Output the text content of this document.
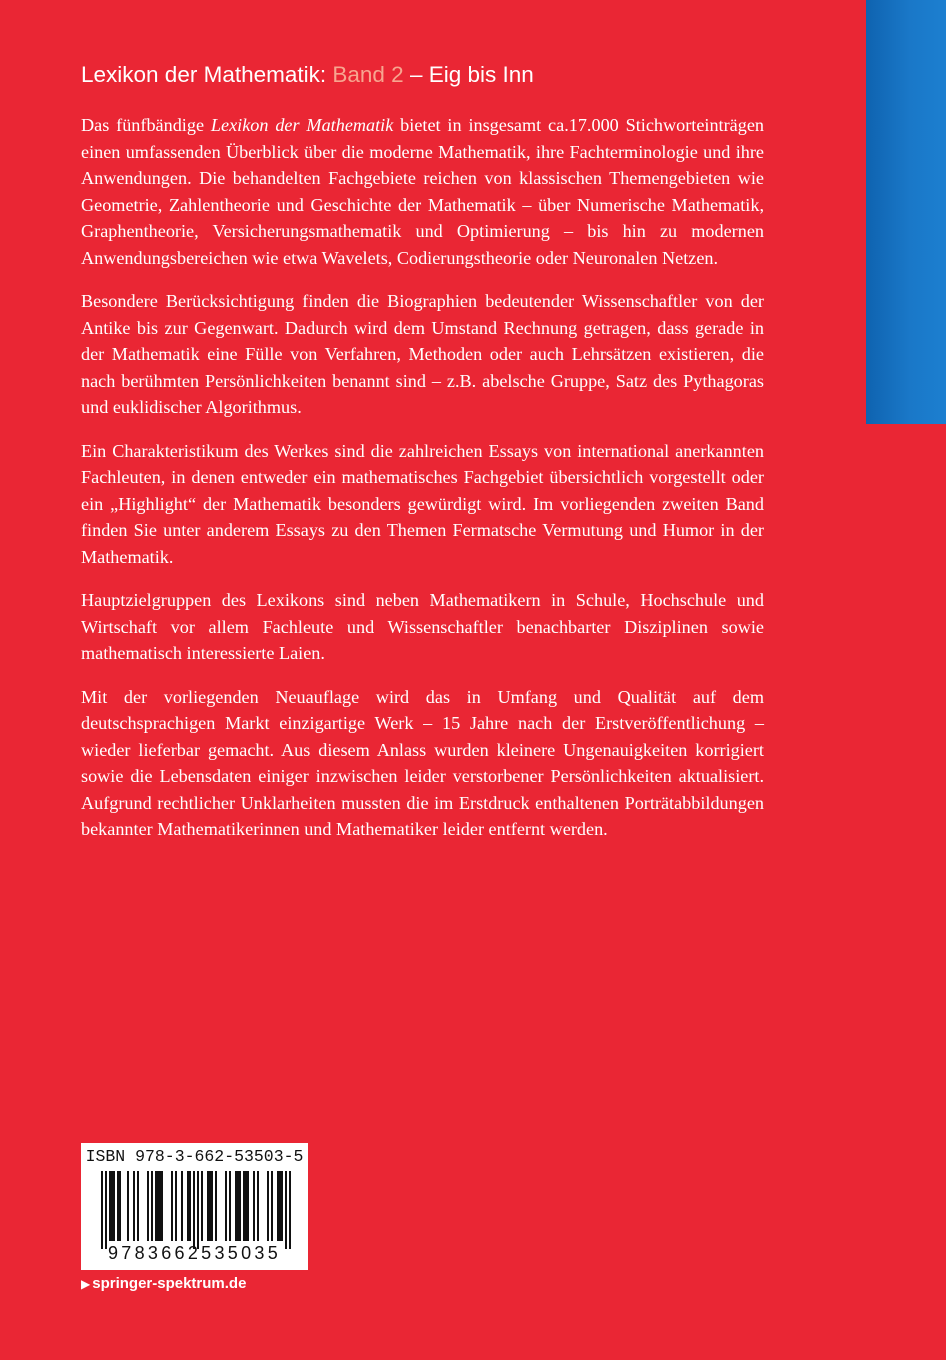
Lexikon der Mathematik: Band 2 – Eig bis Inn

Das fünfbändige Lexikon der Mathematik bietet in insgesamt ca.17.000 Stichworteinträgen einen umfassenden Überblick über die moderne Mathematik, ihre Fachterminologie und ihre Anwendungen. Die behandelten Fachgebiete reichen von klassischen Themengebieten wie Geometrie, Zahlentheorie und Geschichte der Mathematik – über Numerische Mathematik, Graphentheorie, Versicherungsmathematik und Optimierung – bis hin zu modernen Anwendungsbereichen wie etwa Wavelets, Codierungstheorie oder Neuronalen Netzen.

Besondere Berücksichtigung finden die Biographien bedeutender Wissenschaftler von der Antike bis zur Gegenwart. Dadurch wird dem Umstand Rechnung getragen, dass gerade in der Mathematik eine Fülle von Verfahren, Methoden oder auch Lehrsätzen existieren, die nach berühmten Persönlichkeiten benannt sind – z.B. abelsche Gruppe, Satz des Pythagoras und euklidischer Algorithmus.

Ein Charakteristikum des Werkes sind die zahlreichen Essays von international anerkannten Fachleuten, in denen entweder ein mathematisches Fachgebiet übersichtlich vorgestellt oder ein „Highlight“ der Mathematik besonders gewürdigt wird. Im vorliegenden zweiten Band finden Sie unter anderem Essays zu den Themen Fermatsche Vermutung und Humor in der Mathematik.

Hauptzielgruppen des Lexikons sind neben Mathematikern in Schule, Hochschule und Wirtschaft vor allem Fachleute und Wissenschaftler benachbarter Disziplinen sowie mathematisch interessierte Laien.

Mit der vorliegenden Neuauflage wird das in Umfang und Qualität auf dem deutschsprachigen Markt einzigartige Werk – 15 Jahre nach der Erstveröffentlichung – wieder lieferbar gemacht. Aus diesem Anlass wurden kleinere Ungenauigkeiten korrigiert sowie die Lebensdaten einiger inzwischen leider verstorbener Persönlichkeiten aktualisiert. Aufgrund rechtlicher Unklarheiten mussten die im Erstdruck enthaltenen Porträtabbildungen bekannter Mathematikerinnen und Mathematiker leider entfernt werden.

ISBN 978-3-662-53503-5
9783662535035
▶ springer-spektrum.de
